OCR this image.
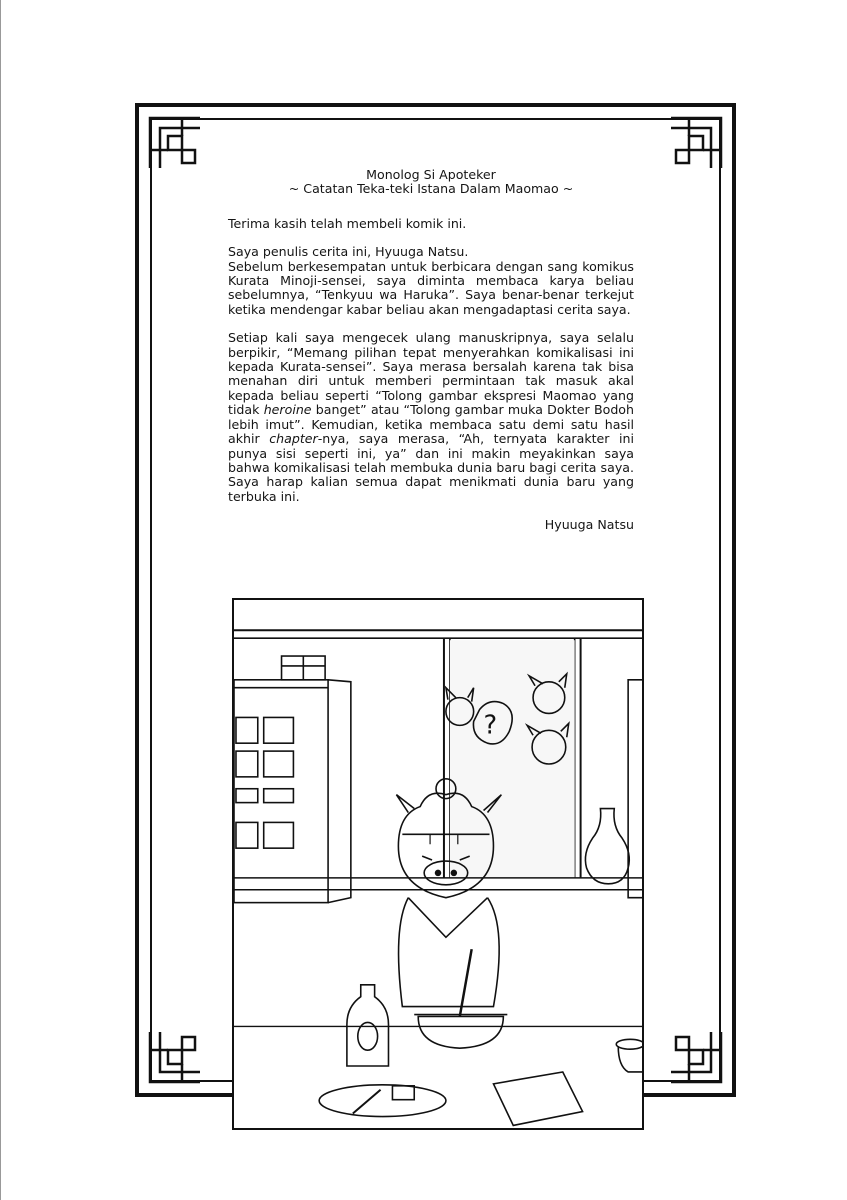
Monolog Si Apoteker

~ Catatan Teka-teki Istana Dalam Maomao ~

Terima kasih telah membeli komik ini.

Saya penulis cerita ini, Hyuuga Natsu.

Sebelum berkesempatan untuk berbicara dengan sang komikus Kurata Minoji-sensei, saya diminta membaca karya beliau sebelumnya, “Tenkyuu wa Haruka”. Saya benar-benar terkejut ketika mendengar kabar beliau akan mengadaptasi cerita saya.

Setiap kali saya mengecek ulang manuskripnya, saya selalu berpikir, “Memang pilihan tepat menyerahkan komikalisasi ini kepada Kurata-sensei”. Saya merasa bersalah karena tak bisa menahan diri untuk memberi permintaan tak masuk akal kepada beliau seperti “Tolong gambar ekspresi Maomao yang tidak heroine banget” atau “Tolong gambar muka Dokter Bodoh lebih imut”. Kemudian, ketika membaca satu demi satu hasil akhir chapter-nya, saya merasa, “Ah, ternyata karakter ini punya sisi seperti ini, ya” dan ini makin meyakinkan saya bahwa komikalisasi telah membuka dunia baru bagi cerita saya. Saya harap kalian semua dapat menikmati dunia baru yang terbuka ini.

Hyuuga Natsu

?
